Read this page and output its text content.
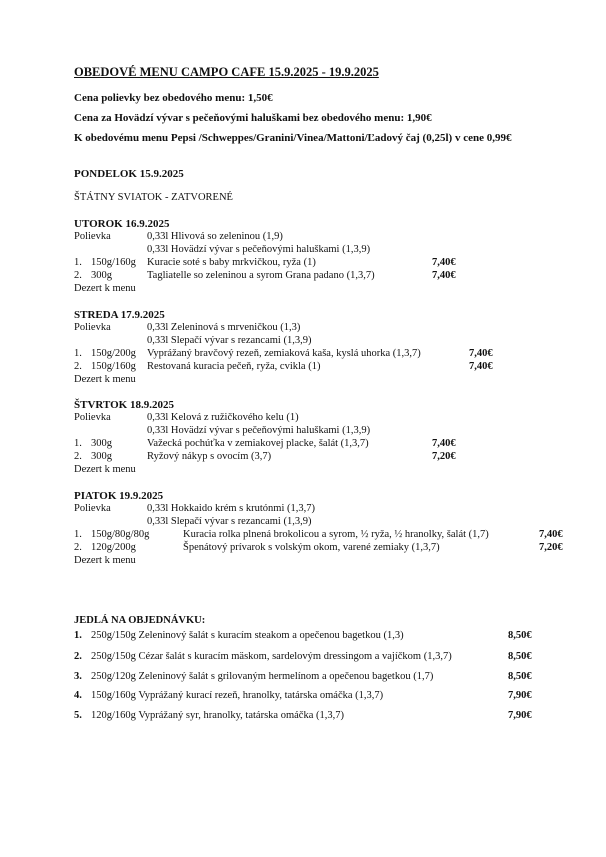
OBEDOVÉ MENU CAMPO CAFE 15.9.2025 - 19.9.2025
Cena polievky bez obedového menu: 1,50€
Cena za Hovädzí vývar s pečeňovými haluškami bez obedového menu: 1,90€
K obedovému menu Pepsi /Schweppes/Granini/Vinea/Mattoni/Ľadový čaj (0,25l) v cene 0,99€
PONDELOK 15.9.2025
ŠTÁTNY SVIATOK - ZATVORENÉ
UTOROK 16.9.2025
Polievka	0,33l Hlivová so zeleninou (1,9)
0,33l Hovädzí vývar s pečeňovými haluškami (1,3,9)
1. 150g/160g Kuracie soté s baby mrkvičkou, ryža (1)	7,40€
2. 300g	Tagliatelle so zeleninou a syrom Grana padano (1,3,7)	7,40€
Dezert k menu
STREDA 17.9.2025
Polievka	0,33l Zeleninová s mrveničkou (1,3)
0,33l Slepačí vývar s rezancami (1,3,9)
1. 150g/200g Vyprážaný bravčový rezeň, zemiaková kaša, kyslá uhorka (1,3,7)	7,40€
2. 150g/160g Restovaná kuracia pečeň, ryža, cvikla (1)	7,40€
Dezert k menu
ŠTVRTOK 18.9.2025
Polievka	0,33l Kelová z ružičkového kelu (1)
0,33l Hovädzí vývar s pečeňovými haluškami (1,3,9)
1. 300g	Važecká pochúťka v zemiakovej placke, šalát (1,3,7)	7,40€
2. 300g	Ryžový nákyp s ovocím (3,7)	7,20€
Dezert k menu
PIATOK 19.9.2025
Polievka	0,33l Hokkaido krém s krutónmi (1,3,7)
0,33l Slepačí vývar s rezancami (1,3,9)
1. 150g/80g/80g	Kuracia rolka plnená brokolicou a syrom, ½ ryža, ½ hranolky, šalát (1,7)	7,40€
2. 120g/200g	Špenátový prívarok s volským okom, varené zemiaky (1,3,7)	7,20€
Dezert k menu
JEDLÁ NA OBJEDNÁVKU:
1. 250g/150g Zeleninový šalát s kuracím steakom a opečenou bagetkou (1,3)	8,50€
2. 250g/150g Cézar šalát s kuracím mäskom, sardelovým dressingom a vajíčkom (1,3,7)	8,50€
3. 250g/120g Zeleninový šalát s grilovaným hermelínom a opečenou bagetkou (1,7)	8,50€
4. 150g/160g Vyprážaný kurací rezeň, hranolky, tatárska omáčka (1,3,7)	7,90€
5. 120g/160g Vyprážaný syr, hranolky, tatárska omáčka (1,3,7)	7,90€
